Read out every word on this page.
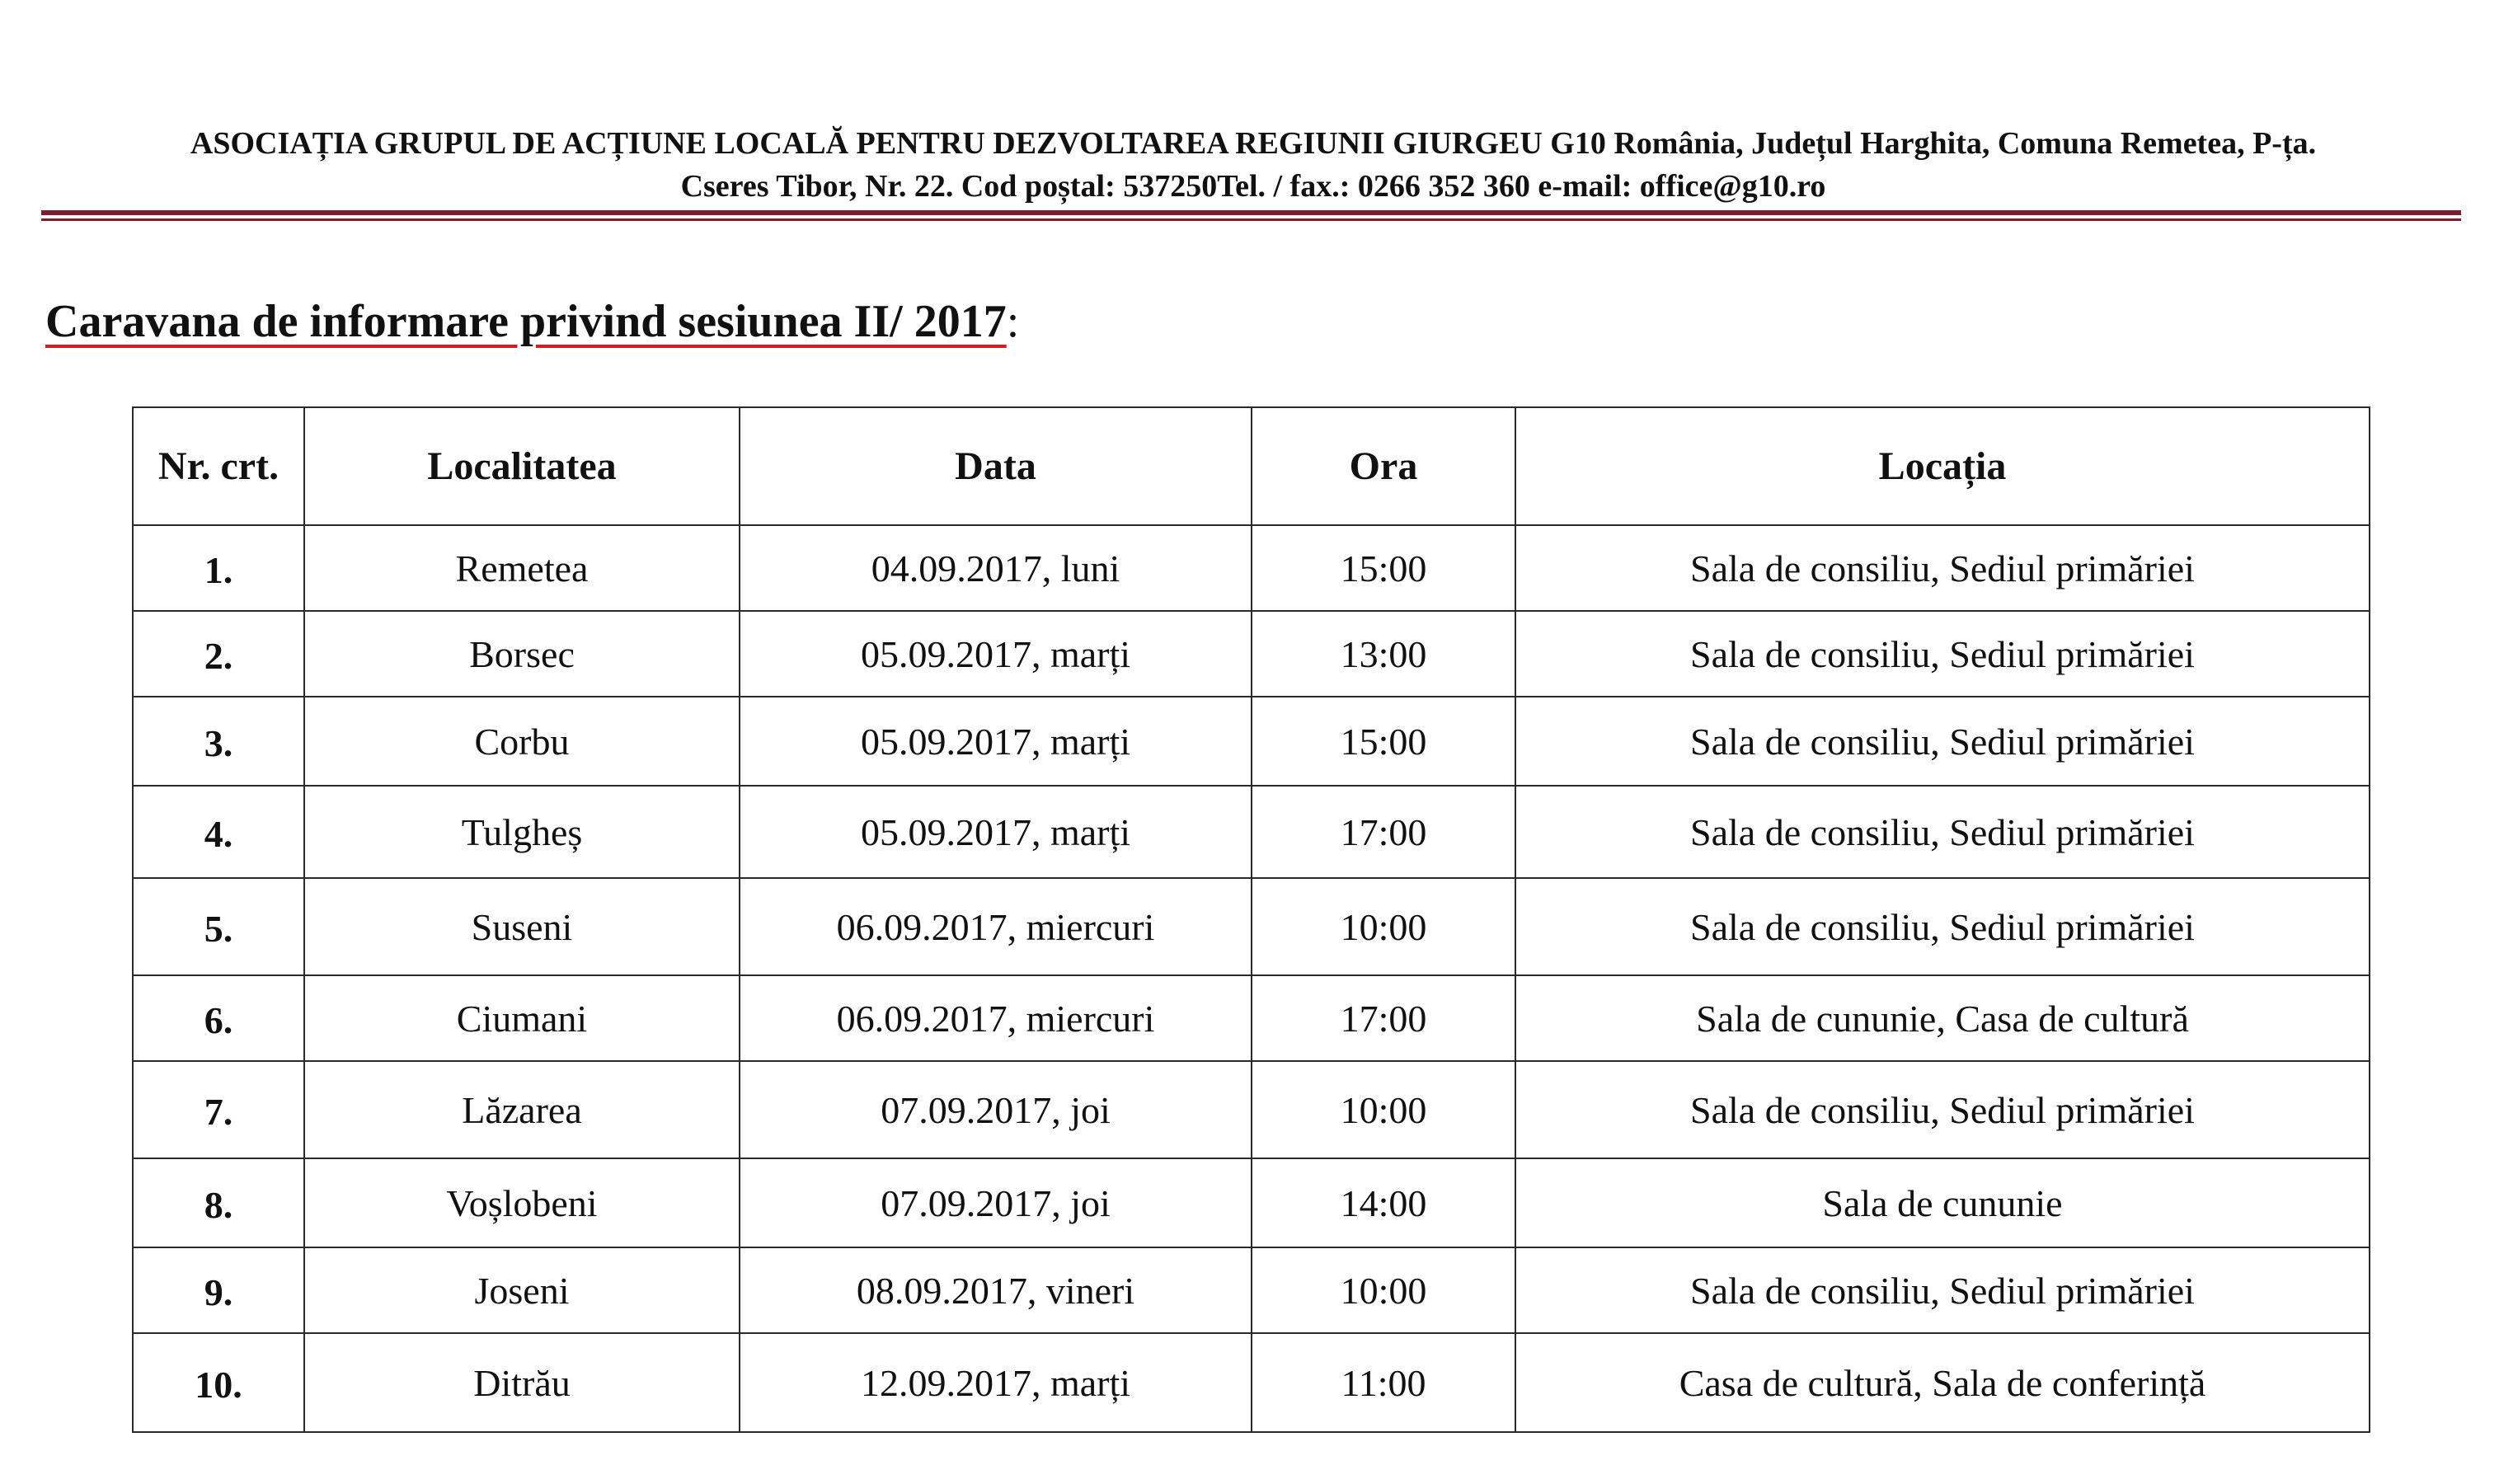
ASOCIAȚIA GRUPUL DE ACȚIUNE LOCALĂ PENTRU DEZVOLTAREA REGIUNII GIURGEU G10 România, Județul Harghita, Comuna Remetea, P-ța.
Cseres Tibor, Nr. 22. Cod poștal: 537250Tel. / fax.: 0266 352 360 e-mail: office@g10.ro
Caravana de informare privind sesiunea II/ 2017:
Nr. crt.	Localitatea	Data	Ora	Locația
1.	Remetea	04.09.2017, luni	15:00	Sala de consiliu, Sediul primăriei
2.	Borsec	05.09.2017, marți	13:00	Sala de consiliu, Sediul primăriei
3.	Corbu	05.09.2017, marți	15:00	Sala de consiliu, Sediul primăriei
4.	Tulgheș	05.09.2017, marți	17:00	Sala de consiliu, Sediul primăriei
5.	Suseni	06.09.2017, miercuri	10:00	Sala de consiliu, Sediul primăriei
6.	Ciumani	06.09.2017, miercuri	17:00	Sala de cununie, Casa de cultură
7.	Lăzarea	07.09.2017, joi	10:00	Sala de consiliu, Sediul primăriei
8.	Voșlobeni	07.09.2017, joi	14:00	Sala de cununie
9.	Joseni	08.09.2017, vineri	10:00	Sala de consiliu, Sediul primăriei
10.	Ditrău	12.09.2017, marți	11:00	Casa de cultură, Sala de conferință
